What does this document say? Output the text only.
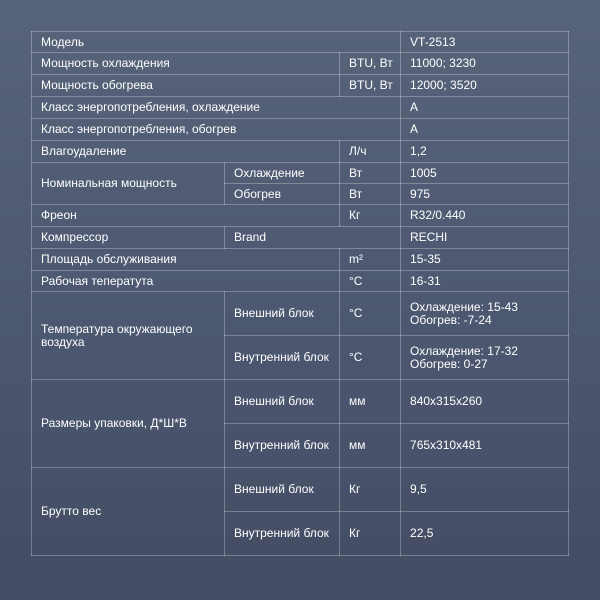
Модель			VT-2513
Мощность охлаждения		BTU, Вт	11000; 3230
Мощность обогрева		BTU, Вт	12000; 3520
Класс энергопотребления, охлаждение			A
Класс энергопотребления, обогрев			A
Влагоудаление		Л/ч	1,2
Номинальная мощность	Охлаждение	Вт	1005
	Обогрев	Вт	975
Фреон		Кг	R32/0.440
Компрессор	Brand		RECHI
Площадь обслуживания		m²	15-35
Рабочая теператута		°C	16-31
Температура окружающего воздуха	Внешний блок	°C	Охлаждение: 15-43
Обогрев: -7-24

	Внутренний блок	°C	Охлаждение: 17-32
Обогрев: 0-27

Размеры упаковки, Д*Ш*В	Внешний блок	мм	840x315x260
	Внутренний блок	мм	765x310x481
Брутто вес	Внешний блок	Кг	9,5
	Внутренний блок	Кг	22,5
